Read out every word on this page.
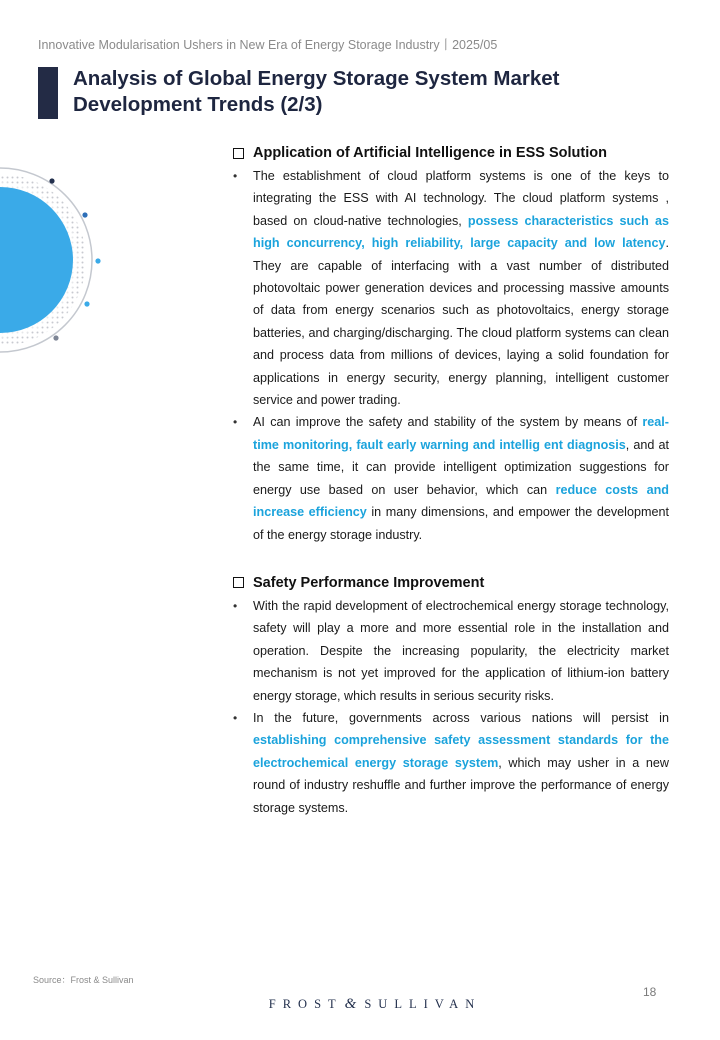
Innovative Modularisation Ushers in New Era of Energy Storage Industry丨2025/05
Analysis of Global Energy Storage System Market Development Trends (2/3)
Application of Artificial Intelligence in ESS Solution
•	The establishment of cloud platform systems is one of the keys to integrating the ESS with AI technology. The cloud platform systems , based on cloud-native technologies, possess characteristics such as high concurrency, high reliability, large capacity and low latency. They are capable of interfacing with a vast number of distributed photovoltaic power generation devices and processing massive amounts of data from energy scenarios such as photovoltaics, energy storage batteries, and charging/discharging. The cloud platform systems can clean and process data from millions of devices, laying a solid foundation for applications in energy security, energy planning, intelligent customer service and power trading.
•	AI can improve the safety and stability of the system by means of real-time monitoring, fault early warning and intellig ent diagnosis, and at the same time, it can provide intelligent optimization suggestions for energy use based on user behavior, which can reduce costs and increase efficiency in many dimensions, and empower the development of the energy storage industry.
Safety Performance Improvement
•	With the rapid development of electrochemical energy storage technology, safety will play a more and more essential role in the installation and operation. Despite the increasing popularity, the electricity market mechanism is not yet improved for the application of lithium-ion battery energy storage, which results in serious security risks.
•	In the future, governments across various nations will persist in establishing comprehensive safety assessment standards for the electrochemical energy storage system, which may usher in a new round of industry reshuffle and further improve the performance of energy storage systems.
Source：Frost & Sullivan
18
FROST & SULLIVAN
